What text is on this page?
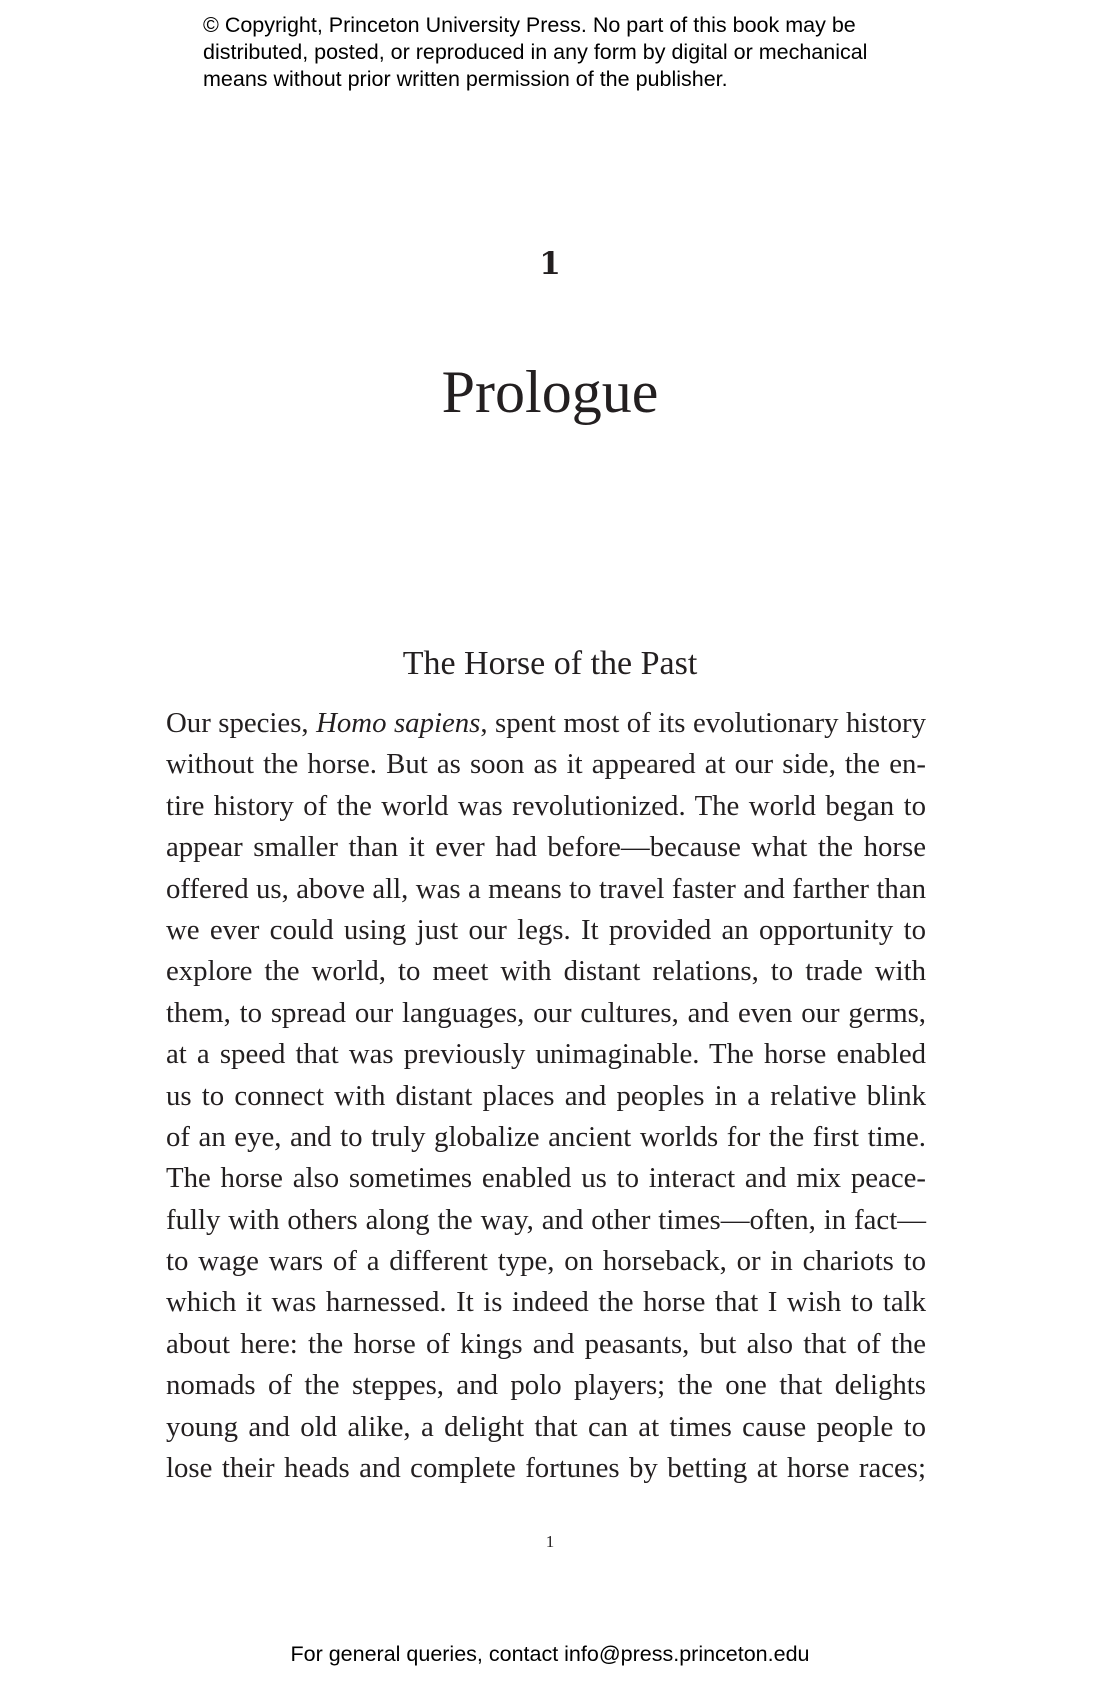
© Copyright, Princeton University Press. No part of this book may be
distributed, posted, or reproduced in any form by digital or mechanical
means without prior written permission of the publisher.
1
Prologue
The Horse of the Past
Our species, Homo sapiens, spent most of its evolutionary history
without the horse. But as soon as it appeared at our side, the en-
tire history of the world was revolutionized. The world began to
appear smaller than it ever had before—because what the horse
offered us, above all, was a means to travel faster and farther than
we ever could using just our legs. It provided an opportunity to
explore the world, to meet with distant relations, to trade with
them, to spread our languages, our cultures, and even our germs,
at a speed that was previously unimaginable. The horse enabled
us to connect with distant places and peoples in a relative blink
of an eye, and to truly globalize ancient worlds for the first time.
The horse also sometimes enabled us to interact and mix peace-
fully with others along the way, and other times—often, in fact—
to wage wars of a different type, on horseback, or in chariots to
which it was harnessed. It is indeed the horse that I wish to talk
about here: the horse of kings and peasants, but also that of the
nomads of the steppes, and polo players; the one that delights
young and old alike, a delight that can at times cause people to
lose their heads and complete fortunes by betting at horse races;
1
For general queries, contact info@press.princeton.edu
